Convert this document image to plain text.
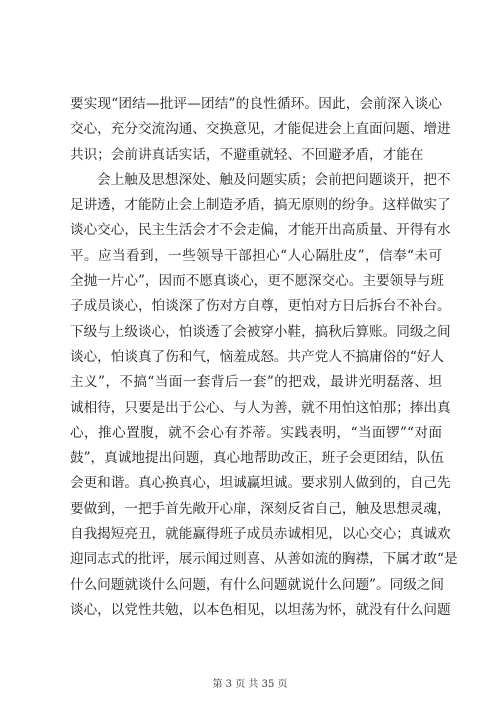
要实现“团结—批评—团结”的良性循环。因此，会前深入谈心
交心，充分交流沟通、交换意见，才能促进会上直面问题、增进
共识；会前讲真话实话，不避重就轻、不回避矛盾，才能在
会上触及思想深处、触及问题实质；会前把问题谈开，把不
足讲透，才能防止会上制造矛盾，搞无原则的纷争。这样做实了
谈心交心，民主生活会才不会走偏，才能开出高质量、开得有水
平。应当看到，一些领导干部担心“人心隔肚皮”，信奉“未可
全抛一片心”，因而不愿真谈心，更不愿深交心。主要领导与班
子成员谈心，怕谈深了伤对方自尊，更怕对方日后拆台不补台。
下级与上级谈心，怕谈透了会被穿小鞋，搞秋后算账。同级之间
谈心，怕谈真了伤和气，恼羞成怒。共产党人不搞庸俗的“好人
主义”，不搞“当面一套背后一套”的把戏，最讲光明磊落、坦
诚相待，只要是出于公心、与人为善，就不用怕这怕那；捧出真
心，推心置腹，就不会心有芥蒂。实践表明，“当面锣”“对面
鼓”，真诚地提出问题，真心地帮助改正，班子会更团结，队伍
会更和谐。真心换真心，坦诚赢坦诚。要求别人做到的，自己先
要做到，一把手首先敞开心扉，深刻反省自己，触及思想灵魂，
自我揭短亮丑，就能赢得班子成员赤诚相见，以心交心；真诚欢
迎同志式的批评，展示闻过则喜、从善如流的胸襟，下属才敢“是
什么问题就谈什么问题，有什么问题就说什么问题”。同级之间
谈心，以党性共勉，以本色相见，以坦荡为怀，就没有什么问题
第 3 页 共 35 页
